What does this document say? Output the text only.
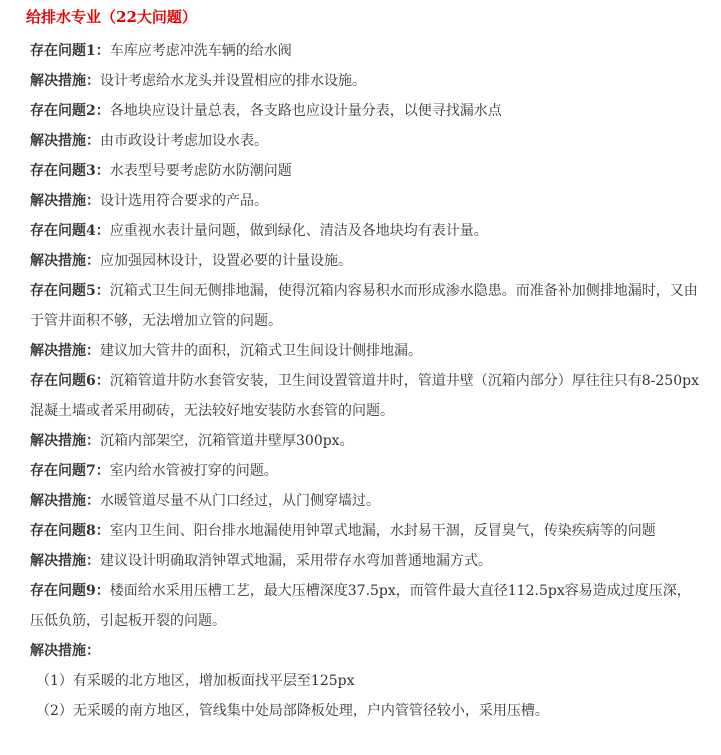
给排水专业（22大问题）

存在问题1：车库应考虑冲洗车辆的给水阀

解决措施：设计考虑给水龙头并设置相应的排水设施。

存在问题2：各地块应设计量总表，各支路也应设计量分表，以便寻找漏水点

解决措施：由市政设计考虑加设水表。

存在问题3：水表型号要考虑防水防潮问题

解决措施：设计选用符合要求的产品。

存在问题4：应重视水表计量问题，做到绿化、清洁及各地块均有表计量。

解决措施：应加强园林设计，设置必要的计量设施。

存在问题5：沉箱式卫生间无侧排地漏，使得沉箱内容易积水而形成渗水隐患。而准备补加侧排地漏时，又由于管井面积不够，无法增加立管的问题。

解决措施：建议加大管井的面积，沉箱式卫生间设计侧排地漏。

存在问题6：沉箱管道井防水套管安装，卫生间设置管道井时，管道井壁（沉箱内部分）厚往往只有8-250px混凝土墙或者采用砌砖，无法较好地安装防水套管的问题。

解决措施：沉箱内部架空，沉箱管道井壁厚300px。

存在问题7：室内给水管被打穿的问题。

解决措施：水暖管道尽量不从门口经过，从门侧穿墙过。

存在问题8：室内卫生间、阳台排水地漏使用钟罩式地漏，水封易干涸，反冒臭气，传染疾病等的问题

解决措施：建议设计明确取消钟罩式地漏，采用带存水弯加普通地漏方式。

存在问题9：楼面给水采用压槽工艺，最大压槽深度37.5px，而管件最大直径112.5px容易造成过度压深，压低负筋，引起板开裂的问题。

解决措施：

（1）有采暖的北方地区，增加板面找平层至125px

（2）无采暖的南方地区，管线集中处局部降板处理，户内管管径较小，采用压槽。
